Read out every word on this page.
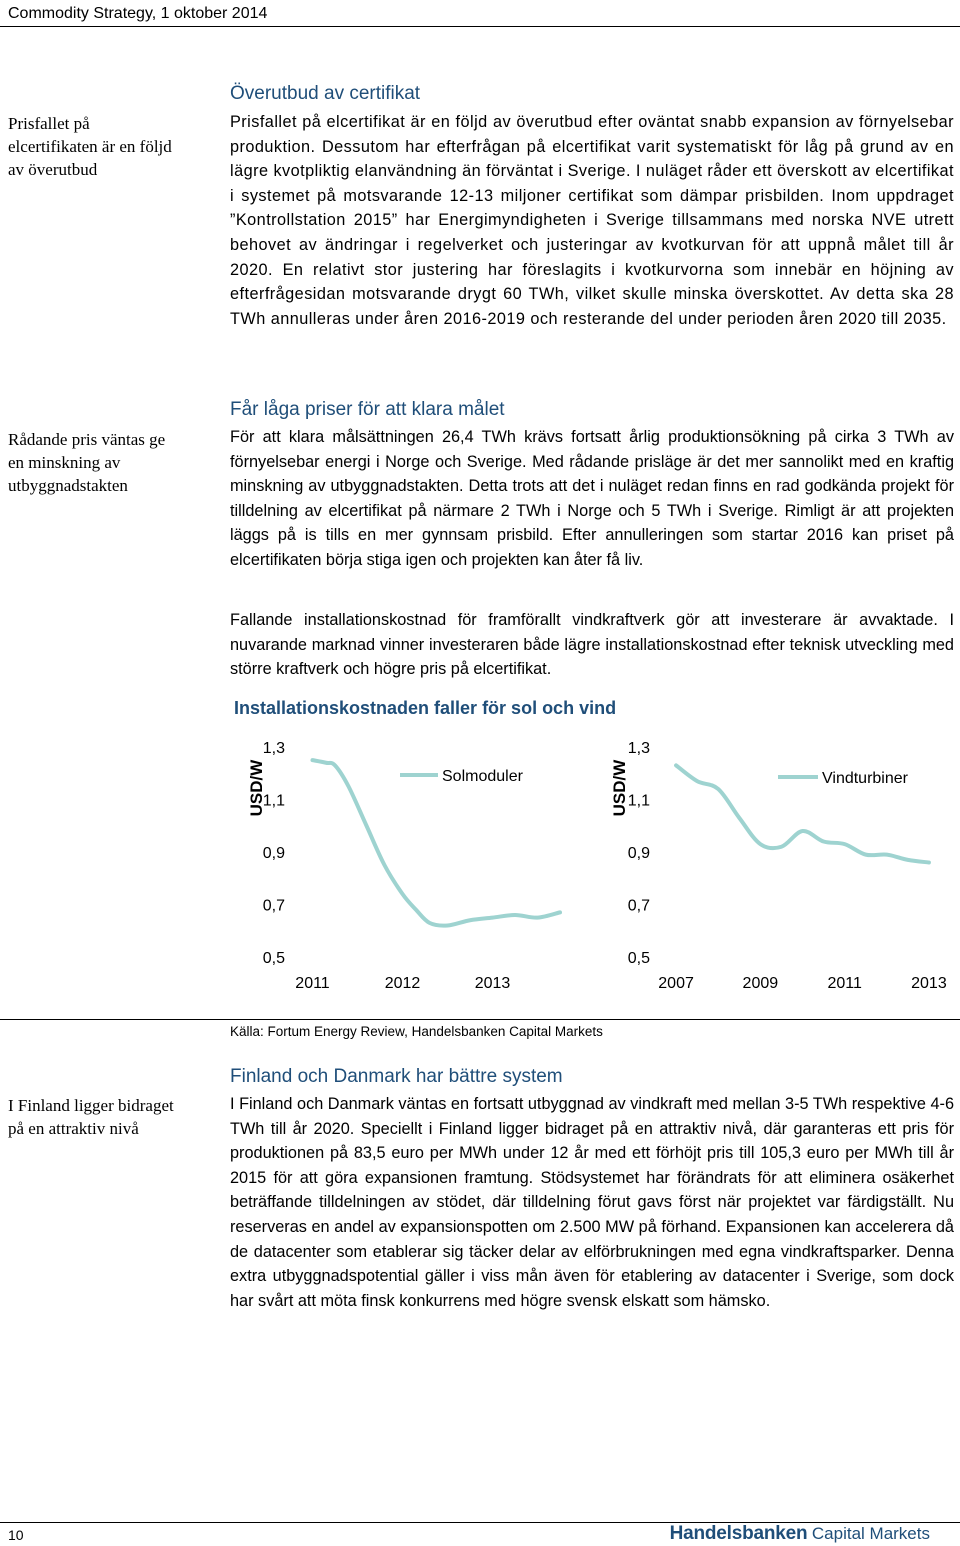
Commodity Strategy, 1 oktober 2014
Prisfallet på elcertifikaten är en följd av överutbud
Rådande pris väntas ge en minskning av utbyggnadstakten
I Finland ligger bidraget på en attraktiv nivå
Överutbud av certifikat

Prisfallet på elcertifikat är en följd av överutbud efter oväntat snabb expansion av förnyelsebar produktion. Dessutom har efterfrågan på elcertifikat varit systematiskt för låg på grund av en lägre kvotpliktig elanvändning än förväntat i Sverige. I nuläget råder ett överskott av elcertifikat i systemet på motsvarande 12-13 miljoner certifikat som dämpar prisbilden. Inom uppdraget ”Kontrollstation 2015” har Energimyndigheten i Sverige tillsammans med norska NVE utrett behovet av ändringar i regelverket och justeringar av kvotkurvan för att uppnå målet till år 2020. En relativt stor justering har föreslagits i kvotkurvorna som innebär en höjning av efterfrågesidan motsvarande drygt 60 TWh, vilket skulle minska överskottet. Av detta ska 28 TWh annulleras under åren 2016-2019 och resterande del under perioden åren 2020 till 2035.

Får låga priser för att klara målet

För att klara målsättningen 26,4 TWh krävs fortsatt årlig produktionsökning på cirka 3 TWh av förnyelsebar energi i Norge och Sverige. Med rådande prisläge är det mer sannolikt med en kraftig minskning av utbyggnadstakten. Detta trots att det i nuläget redan finns en rad godkända projekt för tilldelning av elcertifikat på närmare 2 TWh i Norge och 5 TWh i Sverige. Rimligt är att projekten läggs på is tills en mer gynnsam prisbild. Efter annulleringen som startar 2016 kan priset på elcertifikaten börja stiga igen och projekten kan åter få liv.

Fallande installationskostnad för framförallt vindkraftverk gör att investerare är avvaktade. I nuvarande marknad vinner investeraren både lägre installationskostnad efter teknisk utveckling med större kraftverk och högre pris på elcertifikat.

Installationskostnaden faller för sol och vind
1,3
1,1
0,9
0,7
0,5
2011	2012	2013
USD/W	Solmoduler
1,3
1,1
0,9
0,7
0,5
2007	2009	2011	2013
USD/W	Vindturbiner
Källa: Fortum Energy Review, Handelsbanken Capital Markets
Finland och Danmark har bättre system

I Finland och Danmark väntas en fortsatt utbyggnad av vindkraft med mellan 3-5 TWh respektive 4-6 TWh till år 2020. Speciellt i Finland ligger bidraget på en attraktiv nivå, där garanteras ett pris för produktionen på 83,5 euro per MWh under 12 år med ett förhöjt pris till 105,3 euro per MWh till år 2015 för att göra expansionen framtung. Stödsystemet har förändrats för att eliminera osäkerhet beträffande tilldelningen av stödet, där tilldelning förut gavs först när projektet var färdigställt. Nu reserveras en andel av expansionspotten om 2.500 MW på förhand. Expansionen kan accelerera då de datacenter som etablerar sig täcker delar av elförbrukningen med egna vindkraftsparker. Denna extra utbyggnadspotential gäller i viss mån även för etablering av datacenter i Sverige, som dock har svårt att möta finsk konkurrens med högre svensk elskatt som hämsko.

10	Handelsbanken Capital Markets
